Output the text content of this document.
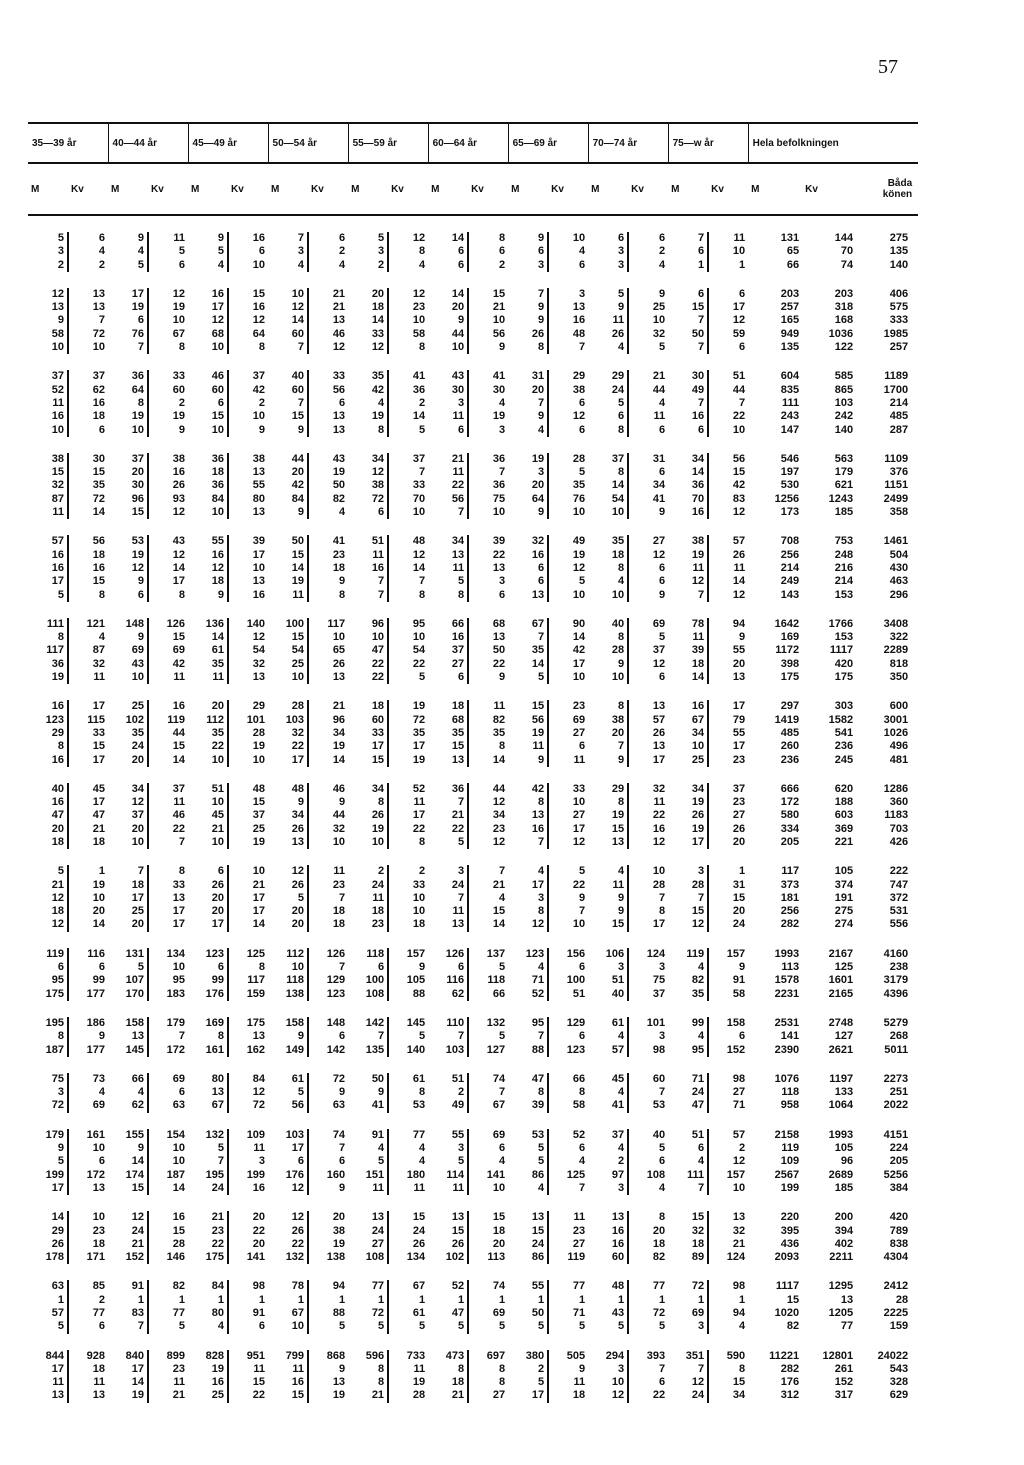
57
35—39 år		40—44 år		45—49 år		50—54 år		55—59 år		60—64 år		65—69 år		70—74 år		75—w år		Hela befolkningen		
M	Kv	M	Kv	M	Kv	M	Kv	M	Kv	M	Kv	M	Kv	M	Kv	M	Kv	M	Kv	Båda könen

5	6	9	11	9	16	7	6	5	12	14	8	9	10	6	6	7	11	131	144	275
3	4	4	5	5	6	3	2	3	8	6	6	6	4	3	2	6	10	65	70	135
2	2	5	6	4	10	4	4	2	4	6	2	3	6	3	4	1	1	66	74	140

12	13	17	12	16	15	10	21	20	12	14	15	7	3	5	9	6	6	203	203	406
13	13	19	19	17	16	12	21	18	23	20	21	9	13	9	25	15	17	257	318	575
9	7	6	10	12	12	14	13	14	10	9	10	9	16	11	10	7	12	165	168	333
58	72	76	67	68	64	60	46	33	58	44	56	26	48	26	32	50	59	949	1036	1985
10	10	7	8	10	8	7	12	12	8	10	9	8	7	4	5	7	6	135	122	257

37	37	36	33	46	37	40	33	35	41	43	41	31	29	29	21	30	51	604	585	1189
52	62	64	60	60	42	60	56	42	36	30	30	20	38	24	44	49	44	835	865	1700
11	16	8	2	6	2	7	6	4	2	3	4	7	6	5	4	7	7	111	103	214
16	18	19	19	15	10	15	13	19	14	11	19	9	12	6	11	16	22	243	242	485
10	6	10	9	10	9	9	13	8	5	6	3	4	6	8	6	6	10	147	140	287

38	30	37	38	36	38	44	43	34	37	21	36	19	28	37	31	34	56	546	563	1109
15	15	20	16	18	13	20	19	12	7	11	7	3	5	8	6	14	15	197	179	376
32	35	30	26	36	55	42	50	38	33	22	36	20	35	14	34	36	42	530	621	1151
87	72	96	93	84	80	84	82	72	70	56	75	64	76	54	41	70	83	1256	1243	2499
11	14	15	12	10	13	9	4	6	10	7	10	9	10	10	9	16	12	173	185	358

57	56	53	43	55	39	50	41	51	48	34	39	32	49	35	27	38	57	708	753	1461
16	18	19	12	16	17	15	23	11	12	13	22	16	19	18	12	19	26	256	248	504
16	16	12	14	12	10	14	18	16	14	11	13	6	12	8	6	11	11	214	216	430
17	15	9	17	18	13	19	9	7	7	5	3	6	5	4	6	12	14	249	214	463
5	8	6	8	9	16	11	8	7	8	8	6	13	10	10	9	7	12	143	153	296

111	121	148	126	136	140	100	117	96	95	66	68	67	90	40	69	78	94	1642	1766	3408
8	4	9	15	14	12	15	10	10	10	16	13	7	14	8	5	11	9	169	153	322
117	87	69	69	61	54	54	65	47	54	37	50	35	42	28	37	39	55	1172	1117	2289
36	32	43	42	35	32	25	26	22	22	27	22	14	17	9	12	18	20	398	420	818
19	11	10	11	11	13	10	13	22	5	6	9	5	10	10	6	14	13	175	175	350

16	17	25	16	20	29	28	21	18	19	18	11	15	23	8	13	16	17	297	303	600
123	115	102	119	112	101	103	96	60	72	68	82	56	69	38	57	67	79	1419	1582	3001
29	33	35	44	35	28	32	34	33	35	35	35	19	27	20	26	34	55	485	541	1026
8	15	24	15	22	19	22	19	17	17	15	8	11	6	7	13	10	17	260	236	496
16	17	20	14	10	10	17	14	15	19	13	14	9	11	9	17	25	23	236	245	481

40	45	34	37	51	48	48	46	34	52	36	44	42	33	29	32	34	37	666	620	1286
16	17	12	11	10	15	9	9	8	11	7	12	8	10	8	11	19	23	172	188	360
47	47	37	46	45	37	34	44	26	17	21	34	13	27	19	22	26	27	580	603	1183
20	21	20	22	21	25	26	32	19	22	22	23	16	17	15	16	19	26	334	369	703
18	18	10	7	10	19	13	10	10	8	5	12	7	12	13	12	17	20	205	221	426

5	1	7	8	6	10	12	11	2	2	3	7	4	5	4	10	3	1	117	105	222
21	19	18	33	26	21	26	23	24	33	24	21	17	22	11	28	28	31	373	374	747
12	10	17	13	20	17	5	7	11	10	7	4	3	9	9	7	7	15	181	191	372
18	20	25	17	20	17	20	18	18	10	11	15	8	7	9	8	15	20	256	275	531
12	14	20	17	17	14	20	18	23	18	13	14	12	10	15	17	12	24	282	274	556

119	116	131	134	123	125	112	126	118	157	126	137	123	156	106	124	119	157	1993	2167	4160
6	6	5	10	6	8	10	7	6	9	6	5	4	6	3	3	4	9	113	125	238
95	99	107	95	99	117	118	129	100	105	116	118	71	100	51	75	82	91	1578	1601	3179
175	177	170	183	176	159	138	123	108	88	62	66	52	51	40	37	35	58	2231	2165	4396

195	186	158	179	169	175	158	148	142	145	110	132	95	129	61	101	99	158	2531	2748	5279
8	9	13	7	8	13	9	6	7	5	7	5	7	6	4	3	4	6	141	127	268
187	177	145	172	161	162	149	142	135	140	103	127	88	123	57	98	95	152	2390	2621	5011

75	73	66	69	80	84	61	72	50	61	51	74	47	66	45	60	71	98	1076	1197	2273
3	4	4	6	13	12	5	9	9	8	2	7	8	8	4	7	24	27	118	133	251
72	69	62	63	67	72	56	63	41	53	49	67	39	58	41	53	47	71	958	1064	2022

179	161	155	154	132	109	103	74	91	77	55	69	53	52	37	40	51	57	2158	1993	4151
9	10	9	10	5	11	17	7	4	4	3	6	5	6	4	5	6	2	119	105	224
5	6	14	10	7	3	6	6	5	4	5	4	5	4	2	6	4	12	109	96	205
199	172	174	187	195	199	176	160	151	180	114	141	86	125	97	108	111	157	2567	2689	5256
17	13	15	14	24	16	12	9	11	11	11	10	4	7	3	4	7	10	199	185	384

14	10	12	16	21	20	12	20	13	15	13	15	13	11	13	8	15	13	220	200	420
29	23	24	15	23	22	26	38	24	24	15	18	15	23	16	20	32	32	395	394	789
26	18	21	28	22	20	22	19	27	26	26	20	24	27	16	18	18	21	436	402	838
178	171	152	146	175	141	132	138	108	134	102	113	86	119	60	82	89	124	2093	2211	4304

63	85	91	82	84	98	78	94	77	67	52	74	55	77	48	77	72	98	1117	1295	2412
1	2	1	1	1	1	1	1	1	1	1	1	1	1	1	1	1	1	15	13	28
57	77	83	77	80	91	67	88	72	61	47	69	50	71	43	72	69	94	1020	1205	2225
5	6	7	5	4	6	10	5	5	5	5	5	5	5	5	5	3	4	82	77	159

844	928	840	899	828	951	799	868	596	733	473	697	380	505	294	393	351	590	11221	12801	24022
17	18	17	23	19	11	11	9	8	11	8	8	2	9	3	7	7	8	282	261	543
11	11	14	11	16	15	16	13	8	19	18	8	5	11	10	6	12	15	176	152	328
13	13	19	21	25	22	15	19	21	28	21	27	17	18	12	22	24	34	312	317	629
